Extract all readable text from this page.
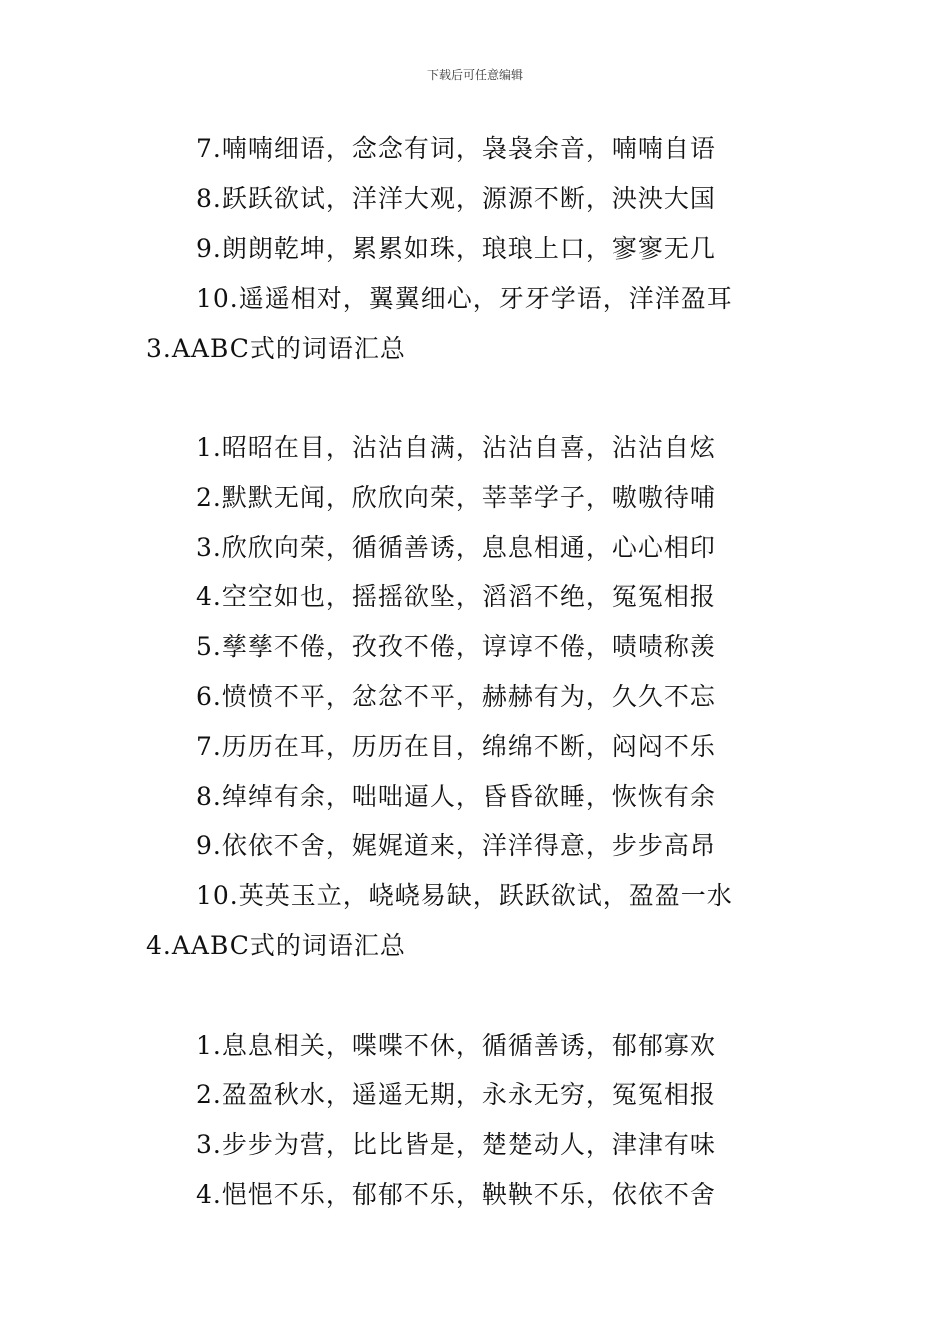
下载后可任意编辑
7.喃喃细语，念念有词，袅袅余音，喃喃自语
8.跃跃欲试，洋洋大观，源源不断，泱泱大国
9.朗朗乾坤，累累如珠，琅琅上口，寥寥无几
10.遥遥相对，翼翼细心，牙牙学语，洋洋盈耳
3.AABC式的词语汇总
1.昭昭在目，沾沾自满，沾沾自喜，沾沾自炫
2.默默无闻，欣欣向荣，莘莘学子，嗷嗷待哺
3.欣欣向荣，循循善诱，息息相通，心心相印
4.空空如也，摇摇欲坠，滔滔不绝，冤冤相报
5.孳孳不倦，孜孜不倦，谆谆不倦，啧啧称羡
6.愤愤不平，忿忿不平，赫赫有为，久久不忘
7.历历在耳，历历在目，绵绵不断，闷闷不乐
8.绰绰有余，咄咄逼人，昏昏欲睡，恢恢有余
9.依依不舍，娓娓道来，洋洋得意，步步高昂
10.英英玉立，峣峣易缺，跃跃欲试，盈盈一水
4.AABC式的词语汇总
1.息息相关，喋喋不休，循循善诱，郁郁寡欢
2.盈盈秋水，遥遥无期，永永无穷，冤冤相报
3.步步为营，比比皆是，楚楚动人，津津有味
4.悒悒不乐，郁郁不乐，鞅鞅不乐，依依不舍
